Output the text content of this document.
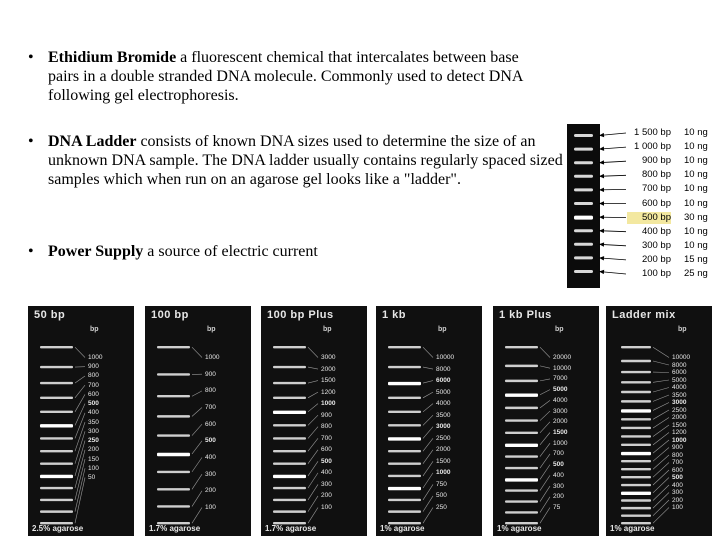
• Ethidium Bromide a fluorescent chemical that intercalates between base pairs in a double stranded DNA molecule. Commonly used to detect DNA following gel electrophoresis.
• DNA Ladder consists of known DNA sizes used to determine the size of an unknown DNA sample. The DNA ladder usually contains regularly spaced sized samples which when run on an agarose gel looks like a "ladder".
• Power Supply a source of electric current
1 500 bp 10 ng
1 000 bp 10 ng
900 bp 10 ng
800 bp 10 ng
700 bp 10 ng
600 bp 10 ng
500 bp 30 ng
400 bp 10 ng
300 bp 10 ng
200 bp 15 ng
100 bp 25 ng
50 bp
bp
2.5% agarose
1000
900
800
700
600
500
400
350
300
250
200
150
100
50
100 bp
bp
1.7% agarose
1000
900
800
700
600
500
400
300
200
100
100 bp Plus
bp
1.7% agarose
3000
2000
1500
1200
1000
900
800
700
600
500
400
300
200
100
1 kb
bp
1% agarose
10000
8000
6000
5000
4000
3500
3000
2500
2000
1500
1000
750
500
250
1 kb Plus
bp
1% agarose
20000
10000
7000
5000
4000
3000
2000
1500
1000
700
500
400
300
200
75
Ladder mix
bp
1% agarose
10000
8000
6000
5000
4000
3500
3000
2500
2000
1500
1200
1000
900
800
700
600
500
400
300
200
100
